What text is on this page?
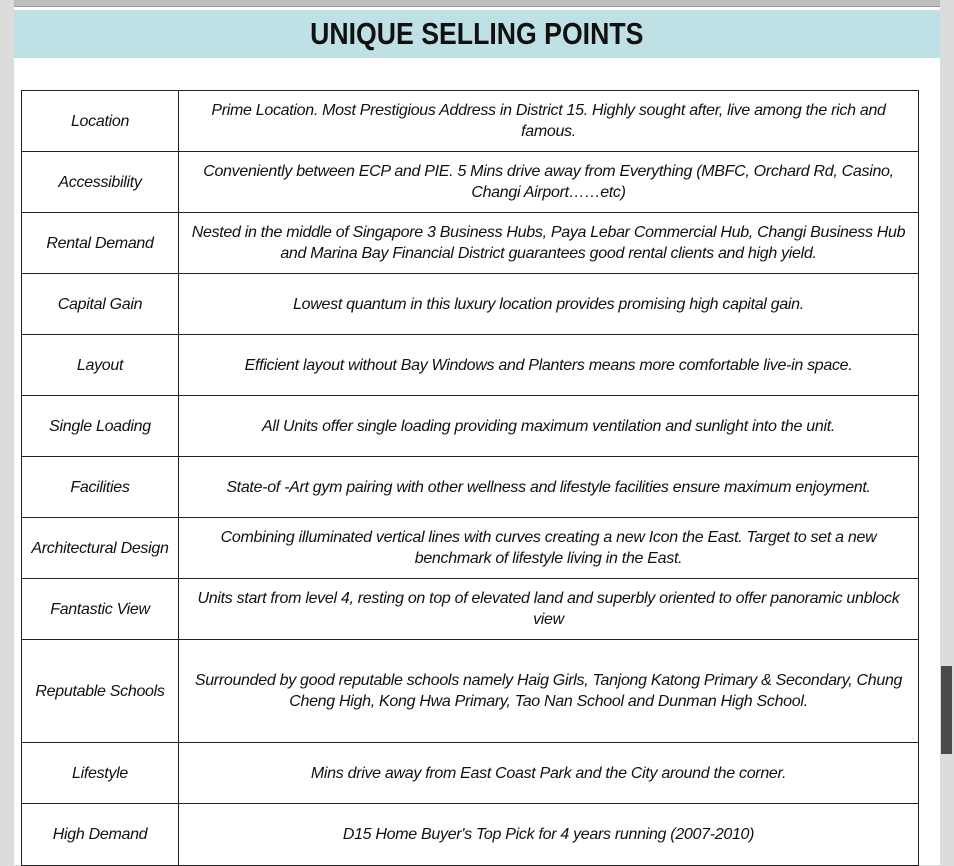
UNIQUE SELLING POINTS
Location	Prime Location. Most Prestigious Address in District 15. Highly sought after, live among the rich and famous.
Accessibility	Conveniently between ECP and PIE. 5 Mins drive away from Everything (MBFC, Orchard Rd, Casino, Changi Airport……etc)
Rental Demand	Nested in the middle of Singapore 3 Business Hubs, Paya Lebar Commercial Hub, Changi Business Hub and Marina Bay Financial District guarantees good rental clients and high yield.
Capital Gain	Lowest quantum in this luxury location provides promising high capital gain.
Layout	Efficient layout without Bay Windows and Planters means more comfortable live-in space.
Single Loading	All Units offer single loading providing maximum ventilation and sunlight into the unit.
Facilities	State-of -Art gym pairing with other wellness and lifestyle facilities ensure maximum enjoyment.
Architectural Design	Combining illuminated vertical lines with curves creating a new Icon the East. Target to set a new benchmark of lifestyle living in the East.
Fantastic View	Units start from level 4, resting on top of elevated land and superbly oriented to offer panoramic unblock view
Reputable Schools	Surrounded by good reputable schools namely Haig Girls, Tanjong Katong Primary & Secondary, Chung Cheng High, Kong Hwa Primary, Tao Nan School and Dunman High School.
Lifestyle	Mins drive away from East Coast Park and the City around the corner.
High Demand	D15 Home Buyer's Top Pick for 4 years running (2007-2010)
